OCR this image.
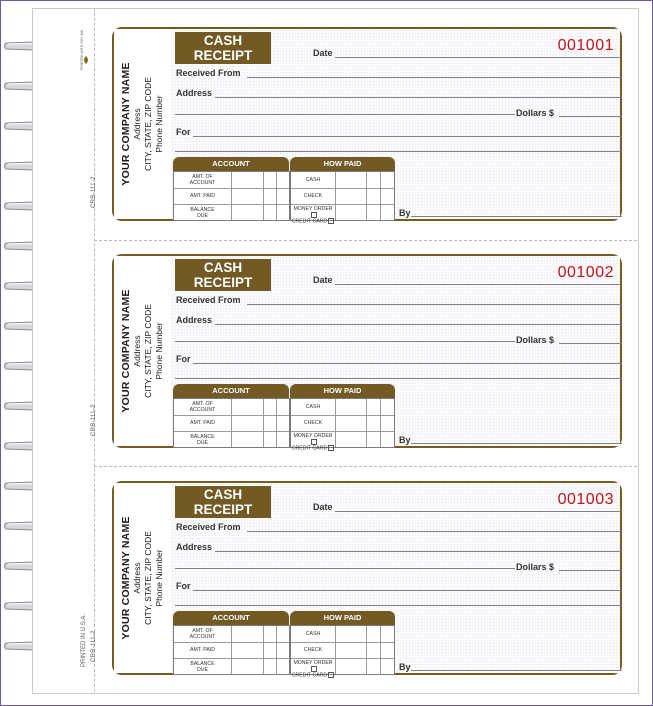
CRB-111-2
CRB-111-2
CRB-111-2
PRINTED IN U.S.A.
PRINTED WITH SOY INK
YOUR COMPANY NAME Address CITY, STATE, ZIP CODE Phone Number
CASH
RECEIPT
001001
Date
Received From
Address
Dollars $
For
ACCOUNT	HOW PAID
AMT. OF
ACCOUNT
AMT. PAID
BALANCE
DUE
CASH
CHECK
MONEY ORDER
CREDIT CARD
By
YOUR COMPANY NAME Address CITY, STATE, ZIP CODE Phone Number
CASH
RECEIPT
001002
Date
Received From
Address
Dollars $
For
ACCOUNT	HOW PAID
AMT. OF
ACCOUNT
AMT. PAID
BALANCE
DUE
CASH
CHECK
MONEY ORDER
CREDIT CARD
By
YOUR COMPANY NAME Address CITY, STATE, ZIP CODE Phone Number
CASH
RECEIPT
001003
Date
Received From
Address
Dollars $
For
ACCOUNT	HOW PAID
AMT. OF
ACCOUNT
AMT. PAID
BALANCE
DUE
CASH
CHECK
MONEY ORDER
CREDIT CARD
By
